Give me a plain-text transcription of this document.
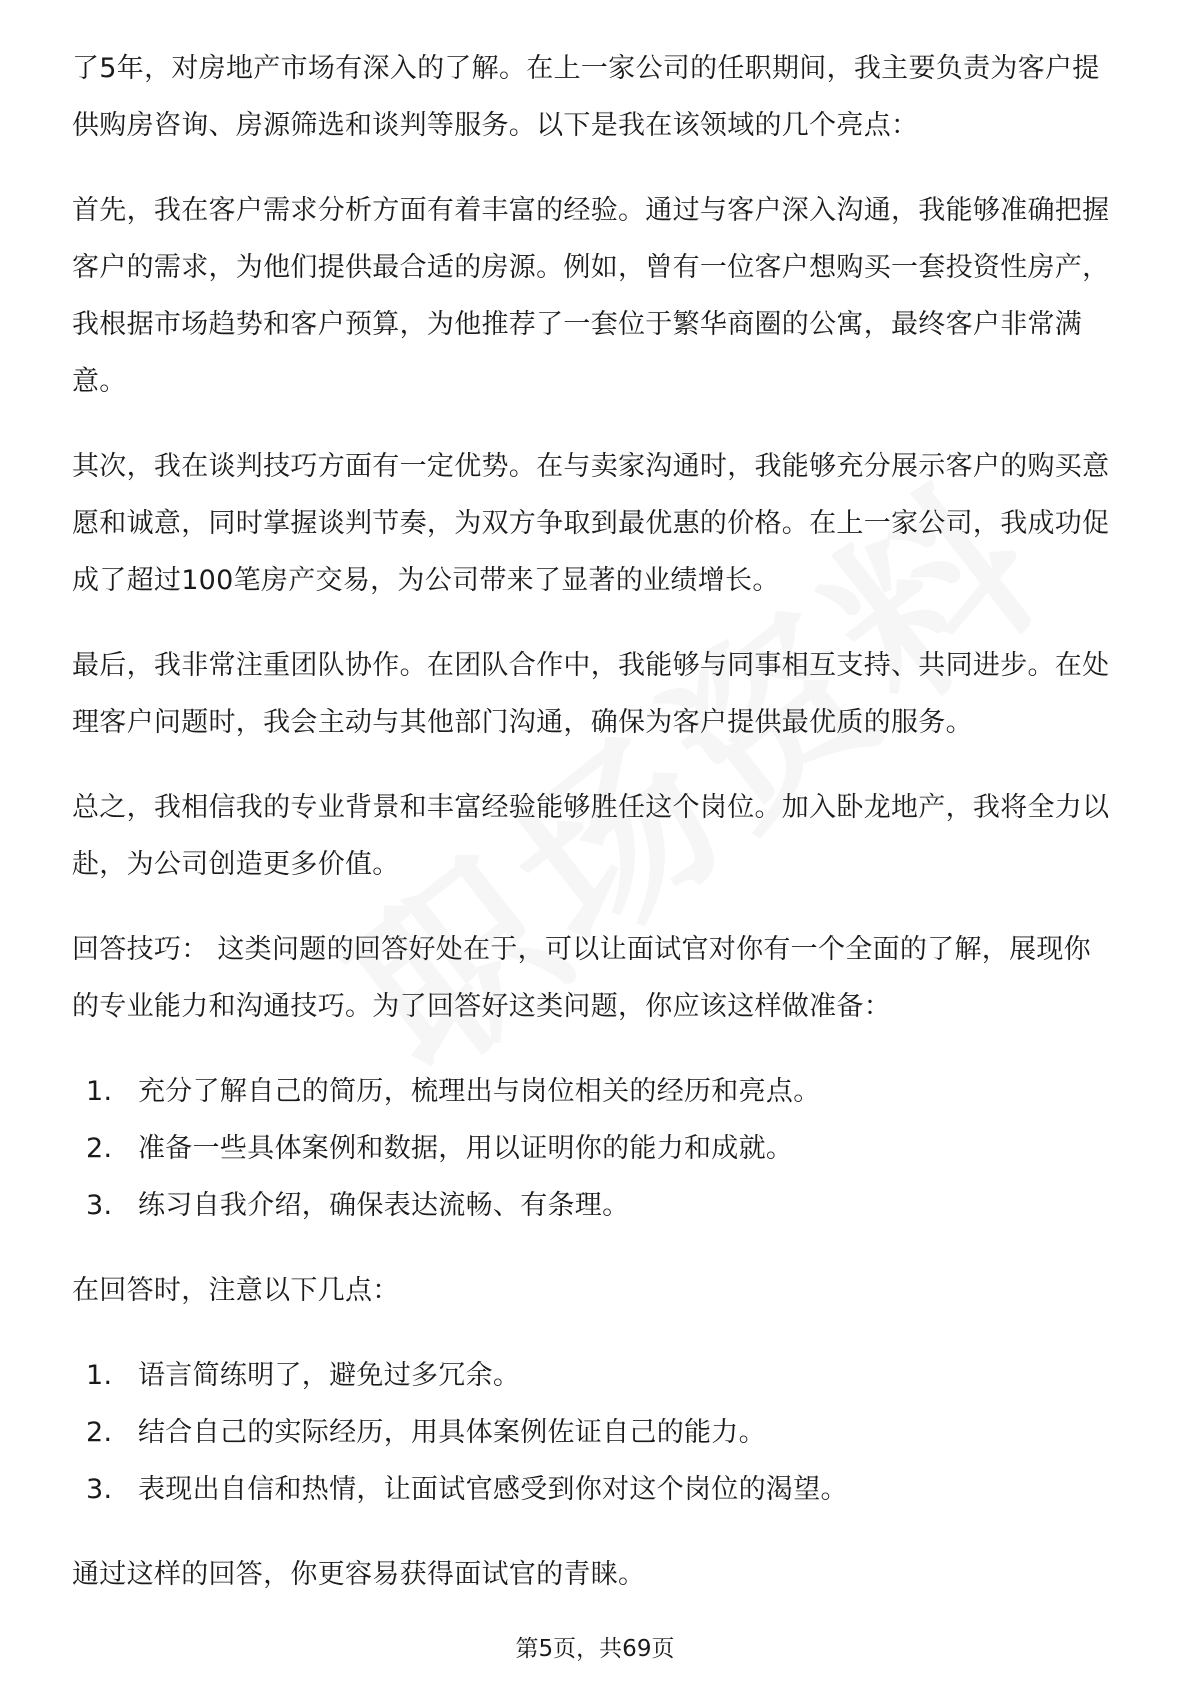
了5年，对房地产市场有深入的了解。在上一家公司的任职期间，我主要负责为客户提供购房咨询、房源筛选和谈判等服务。以下是我在该领域的几个亮点：

首先，我在客户需求分析方面有着丰富的经验。通过与客户深入沟通，我能够准确把握客户的需求，为他们提供最合适的房源。例如，曾有一位客户想购买一套投资性房产，我根据市场趋势和客户预算，为他推荐了一套位于繁华商圈的公寓，最终客户非常满意。

其次，我在谈判技巧方面有一定优势。在与卖家沟通时，我能够充分展示客户的购买意愿和诚意，同时掌握谈判节奏，为双方争取到最优惠的价格。在上一家公司，我成功促成了超过100笔房产交易，为公司带来了显著的业绩增长。

最后，我非常注重团队协作。在团队合作中，我能够与同事相互支持、共同进步。在处理客户问题时，我会主动与其他部门沟通，确保为客户提供最优质的服务。

总之，我相信我的专业背景和丰富经验能够胜任这个岗位。加入卧龙地产，我将全力以赴，为公司创造更多价值。

回答技巧： 这类问题的回答好处在于，可以让面试官对你有一个全面的了解，展现你的专业能力和沟通技巧。为了回答好这类问题，你应该这样做准备：

1. 充分了解自己的简历，梳理出与岗位相关的经历和亮点。
2. 准备一些具体案例和数据，用以证明你的能力和成就。
3. 练习自我介绍，确保表达流畅、有条理。

在回答时，注意以下几点：

1. 语言简练明了，避免过多冗余。
2. 结合自己的实际经历，用具体案例佐证自己的能力。
3. 表现出自信和热情，让面试官感受到你对这个岗位的渴望。

通过这样的回答，你更容易获得面试官的青睐。

第5页，共69页
